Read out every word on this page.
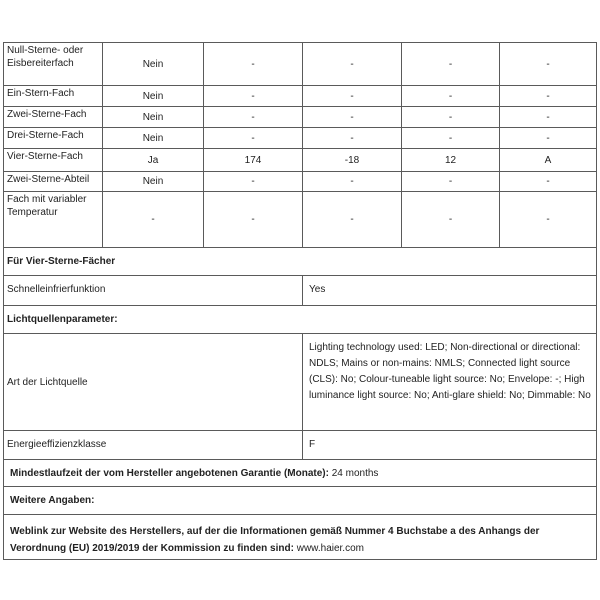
Null-Sterne- oder Eisbereiterfach	Nein	-	-	-	-
Ein-Stern-Fach	Nein	-	-	-	-
Zwei-Sterne-Fach	Nein	-	-	-	-
Drei-Sterne-Fach	Nein	-	-	-	-
Vier-Sterne-Fach	Ja	174	-18	12	A
Zwei-Sterne-Abteil	Nein	-	-	-	-
Fach mit variabler Temperatur	-	-	-	-	-
Für Vier-Sterne-Fächer					
Schnelleinfrierfunktion			Yes		
Lichtquellenparameter:					
Art der Lichtquelle			Lighting technology used: LED; Non-directional or directional: NDLS; Mains or non-mains: NMLS; Connected light source (CLS): No; Colour-tuneable light source: No; Envelope: -; High luminance light source: No; Anti-glare shield: No; Dimmable: No		
Energieeffizienzklasse			F		
Mindestlaufzeit der vom Hersteller angebotenen Garantie (Monate): 24 months					
Weitere Angaben:					
Weblink zur Website des Herstellers, auf der die Informationen gemäß Nummer 4 Buchstabe a des Anhangs der Verordnung (EU) 2019/2019 der Kommission zu finden sind: www.haier.com					
